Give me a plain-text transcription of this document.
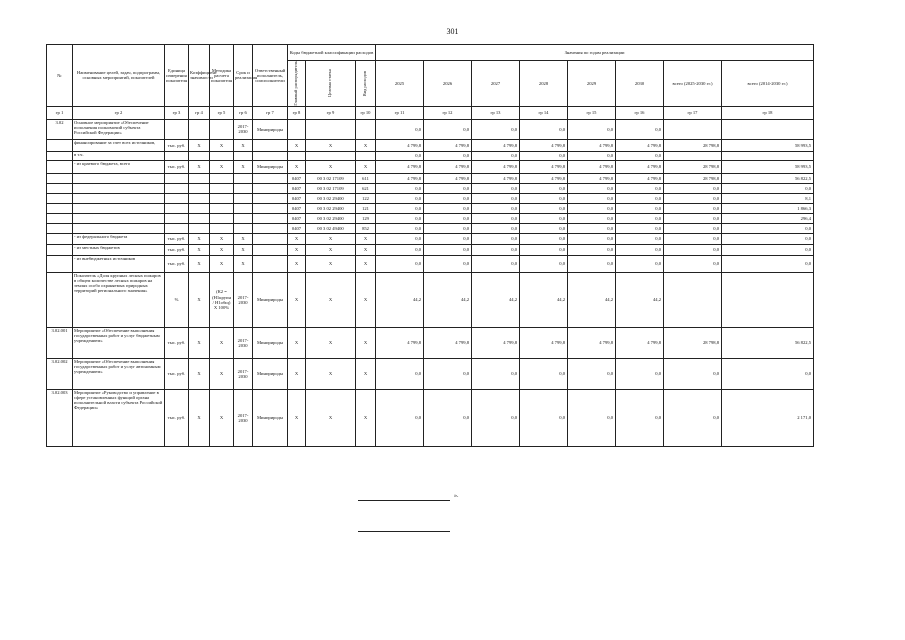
301
№	Наименование целей, задач, подпрограмм, основных мероприятий, показателей	Единица измерения показателя	Коэффициент значимости	Методика расчета показателя	Срок и реализация	Ответственный исполнитель, соисполнители	Коды бюджетной классификации расходов			Значения по годам реализации							

							Главный распорядитель	Целевая статья	Вид расходов	2025	2026	2027	2028	2029	2030	всего (2025-2030 гг.)	всего (2014-2030 гг.)
гр 1	гр 2	гр 3	гр 4	гр 5	гр 6	гр 7	гр 8	гр 9	гр 10	гр 11	гр 12	гр 13	гр 14	гр 15	гр 16	гр 17	гр 18
3.02	Основное мероприятие «Обеспечение исполнения полномочий субъекта Российской Федерации»				2017-2030	Минприроды				0,0	0,0	0,0	0,0	0,0	0,0		
	финансирование за счет всех источников,	тыс. руб.	X	X	X		X	X	X	4 799,8	4 799,8	4 799,8	4 799,8	4 799,8	4 799,8	28 798,8	58 993,5
	в т.ч.									0,0	0,0	0,0	0,0	0,0	0,0		
	- из краевого бюджета, всего	тыс. руб.	X	X	X	Минприроды	X	X	X	4 799,8	4 799,8	4 799,8	4 799,8	4 799,8	4 799,8	28 798,8	58 993,5
							0407	00 3 02 17109	611	4 799,8	4 799,8	4 799,8	4 799,8	4 799,8	4 799,8	28 798,8	56 822,5
							0407	00 3 02 17109	621	0,0	0,0	0,0	0,0	0,0	0,0	0,0	0,0
							0407	00 3 02 29400	122	0,0	0,0	0,0	0,0	0,0	0,0	0,0	8,1
							0407	00 3 02 29400	121	0,0	0,0	0,0	0,0	0,0	0,0	0,0	1 866,3
							0407	00 3 02 29400	129	0,0	0,0	0,0	0,0	0,0	0,0	0,0	296,4
							0407	00 3 02 49400	852	0,0	0,0	0,0	0,0	0,0	0,0	0,0	0,0
	- из федерального бюджета	тыс. руб.	X	X	X		X	X	X	0,0	0,0	0,0	0,0	0,0	0,0	0,0	0,0
	- из местных бюджетов	тыс. руб.	X	X	X		X	X	X	0,0	0,0	0,0	0,0	0,0	0,0	0,0	0,0
	- из внебюджетных источников	тыс. руб.	X	X	X		X	X	X	0,0	0,0	0,0	0,0	0,0	0,0	0,0	0,0
	Показатель «Доля крупных лесных пожаров в общем количестве лесных пожаров на землях особо охраняемых природных территорий регионального значения»	%	X	(К2 = (Н1крупн / Н1общ) Х 100%	2017-2030	Минприроды	X	X	X	44,2	44,2	44,2	44,2	44,2	44,2		
3.02.001	Мероприятие «Обеспечение выполнения государственных работ и услуг бюджетным учреждением»	тыс. руб.	X	X	2017-2030	Минприроды	X	X	X	4 799,8	4 799,8	4 799,8	4 799,8	4 799,8	4 799,8	28 798,8	56 822,5
3.02.002	Мероприятие «Обеспечение выполнения государственных работ и услуг автономным учреждением»	тыс. руб.	X	X	2017-2030	Минприроды	X	X	X	0,0	0,0	0,0	0,0	0,0	0,0	0,0	0,0
3.02.003	Мероприятие «Руководство и управление в сфере установленных функций органа исполнительной власти субъекта Российской Федерации»	тыс. руб.	X	X	2017-2030	Минприроды	X	X	X	0,0	0,0	0,0	0,0	0,0	0,0	0,0	2 171,0
».
